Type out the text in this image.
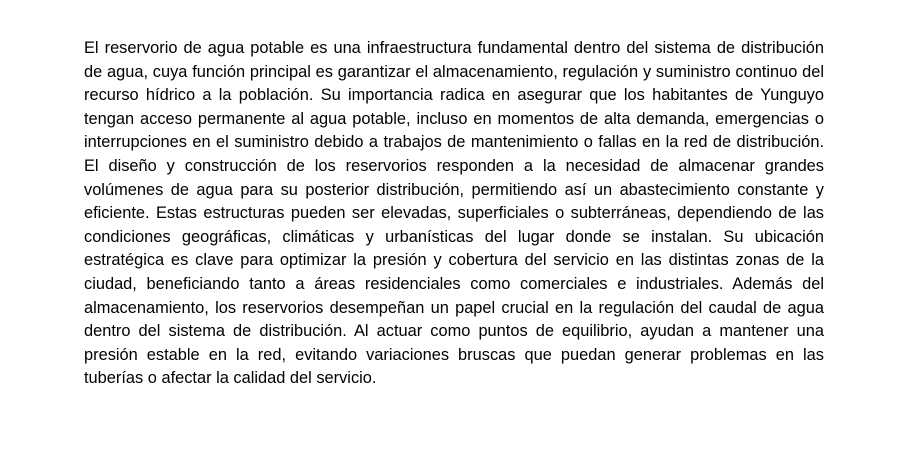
El reservorio de agua potable es una infraestructura fundamental dentro del sistema de distribución de agua, cuya función principal es garantizar el almacenamiento, regulación y suministro continuo del recurso hídrico a la población. Su importancia radica en asegurar que los habitantes de Yunguyo tengan acceso permanente al agua potable, incluso en momentos de alta demanda, emergencias o interrupciones en el suministro debido a trabajos de mantenimiento o fallas en la red de distribución. El diseño y construcción de los reservorios responden a la necesidad de almacenar grandes volúmenes de agua para su posterior distribución, permitiendo así un abastecimiento constante y eficiente. Estas estructuras pueden ser elevadas, superficiales o subterráneas, dependiendo de las condiciones geográficas, climáticas y urbanísticas del lugar donde se instalan. Su ubicación estratégica es clave para optimizar la presión y cobertura del servicio en las distintas zonas de la ciudad, beneficiando tanto a áreas residenciales como comerciales e industriales. Además del almacenamiento, los reservorios desempeñan un papel crucial en la regulación del caudal de agua dentro del sistema de distribución. Al actuar como puntos de equilibrio, ayudan a mantener una presión estable en la red, evitando variaciones bruscas que puedan generar problemas en las tuberías o afectar la calidad del servicio.
